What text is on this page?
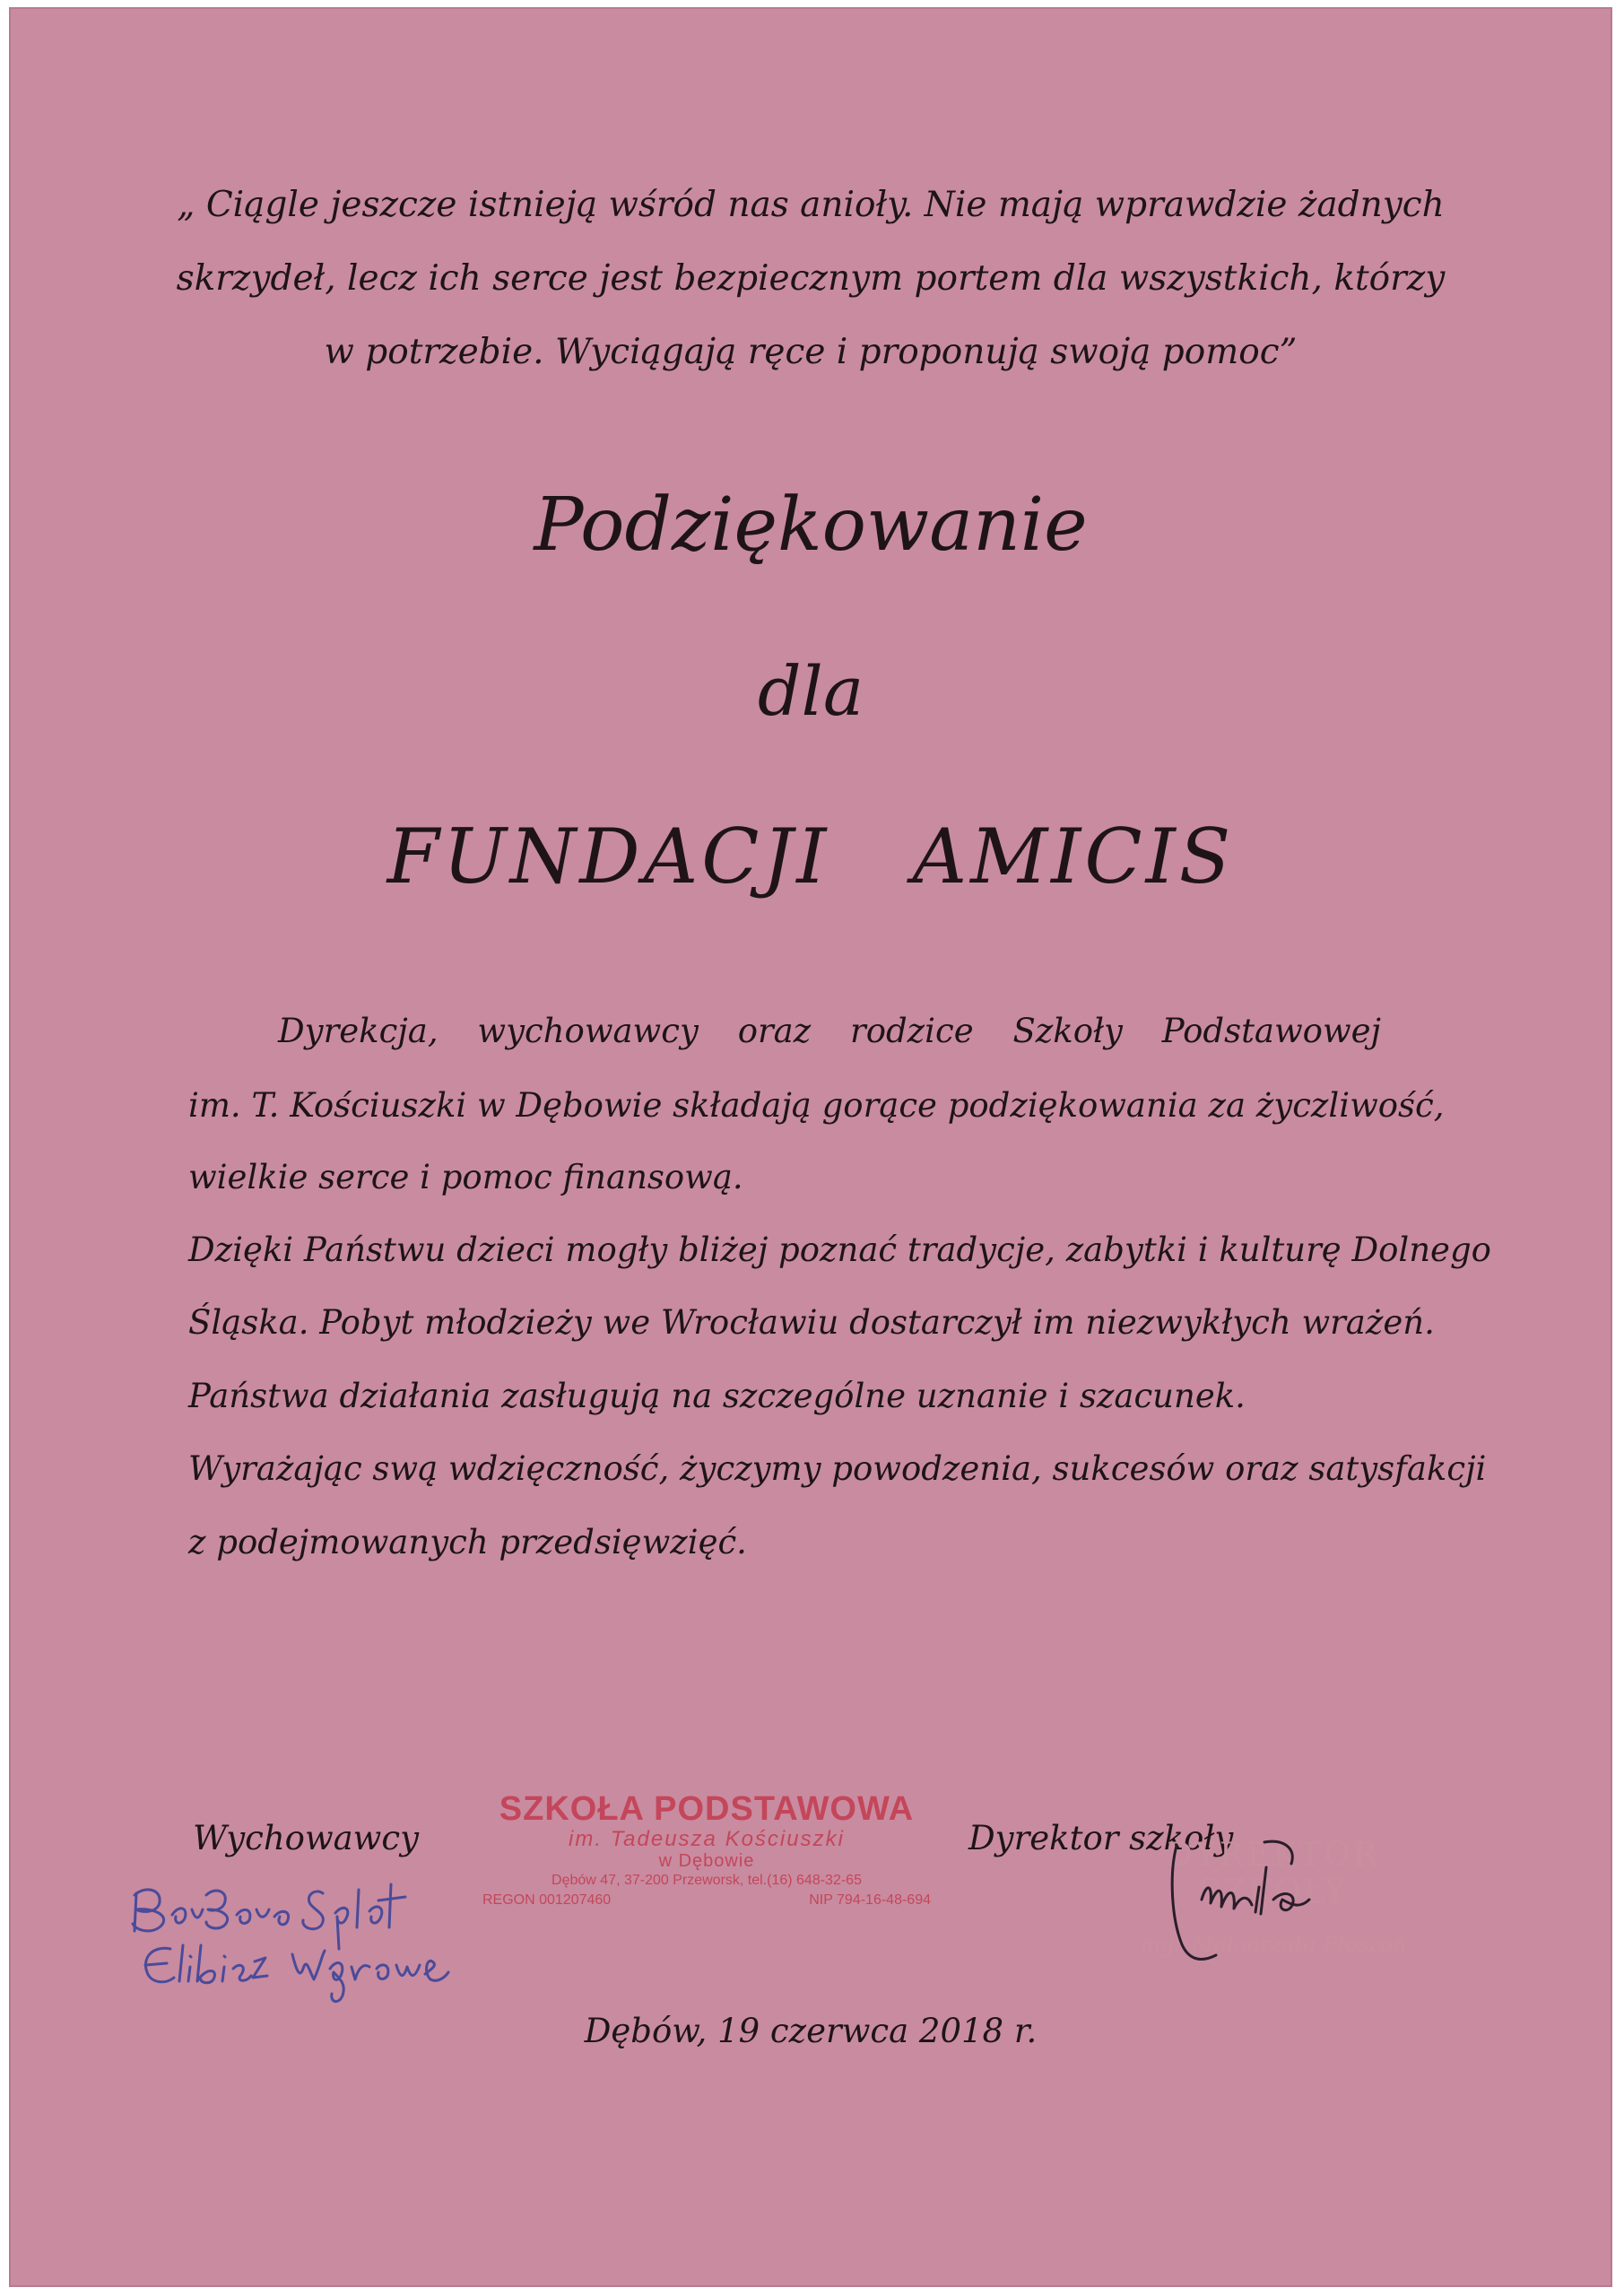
„ Ciągle jeszcze istnieją wśród nas anioły. Nie mają wprawdzie żadnych
skrzydeł, lecz ich serce jest bezpiecznym portem dla wszystkich, którzy
w potrzebie. Wyciągają ręce i proponują swoją pomoc”
Podziękowanie
dla
FUNDACJI   AMICIS
Dyrekcja, wychowawcy oraz rodzice Szkoły Podstawowej
im. T. Kościuszki w Dębowie składają gorące podziękowania za życzliwość,
wielkie serce i pomoc finansową.
Dzięki Państwu dzieci mogły bliżej poznać tradycje, zabytki i kulturę Dolnego
Śląska. Pobyt młodzieży we Wrocławiu dostarczył im niezwykłych wrażeń.
Państwa działania zasługują na szczególne uznanie i szacunek.
Wyrażając swą wdzięczność, życzymy powodzenia, sukcesów oraz satysfakcji
z podejmowanych przedsięwzięć.
Wychowawcy	Dyrektor szkoły
SZKOŁA PODSTAWOWA
im. Tadeusza Kościuszki
w Dębowie
Dębów 47, 37-200 Przeworsk, tel.(16) 648-32-65
REGON 001207460	NIP 794-16-48-694
DYREKTOR SZKOŁY
mgr Małgorzata Płoszoń
Dębów, 19 czerwca 2018 r.
